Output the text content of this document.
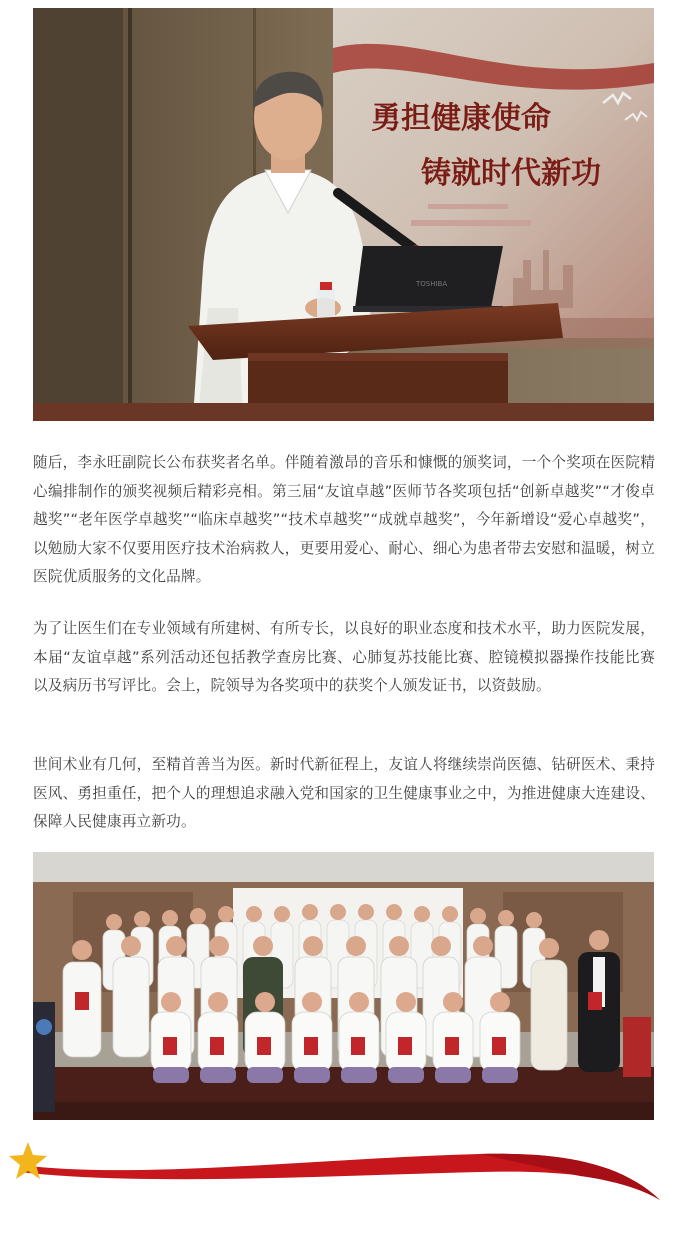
勇担健康使命
铸就时代新功
TOSHIBA

随后，李永旺副院长公布获奖者名单。伴随着激昂的音乐和慷慨的颁奖词，一个个奖项在医院精心编排制作的颁奖视频后精彩亮相。第三届“友谊卓越”医师节各奖项包括“创新卓越奖”“才俊卓越奖”“老年医学卓越奖”“临床卓越奖”“技术卓越奖”“成就卓越奖”，今年新增设“爱心卓越奖”，以勉励大家不仅要用医疗技术治病救人，更要用爱心、耐心、细心为患者带去安慰和温暖，树立医院优质服务的文化品牌。

为了让医生们在专业领域有所建树、有所专长，以良好的职业态度和技术水平，助力医院发展，本届“友谊卓越”系列活动还包括教学查房比赛、心肺复苏技能比赛、腔镜模拟器操作技能比赛以及病历书写评比。会上，院领导为各奖项中的获奖个人颁发证书，以资鼓励。

世间术业有几何，至精首善当为医。新时代新征程上，友谊人将继续崇尚医德、钻研医术、秉持医风、勇担重任，把个人的理想追求融入党和国家的卫生健康事业之中，为推进健康大连建设、保障人民健康再立新功。
